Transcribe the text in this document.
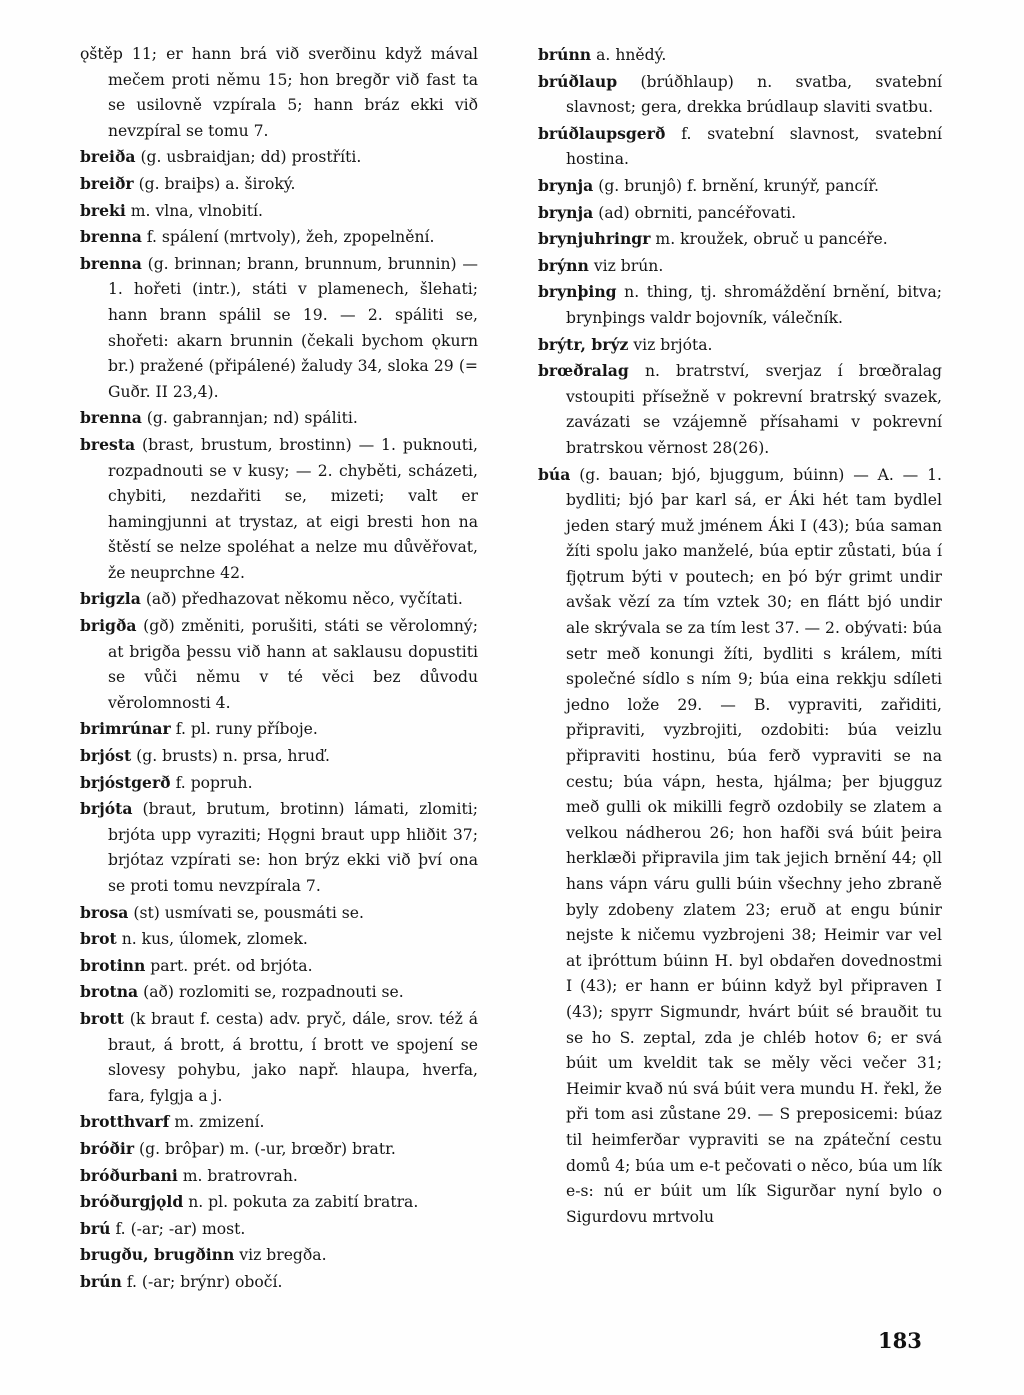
ǫštěp 11; er hann brá við sverðinu když mával mečem proti němu 15; hon bregðr við fast ta se usilovně vzpírala 5; hann bráz ekki við nevzpíral se tomu 7.

breiða (g. usbraidjan; dd) prostříti.

breiðr (g. braiþs) a. široký.

breki m. vlna, vlnobití.

brenna f. spálení (mrtvoly), žeh, zpopelnění.

brenna (g. brinnan; brann, brunnum, brunnin) — 1. hořeti (intr.), státi v plamenech, šlehati; hann brann spálil se 19. — 2. spáliti se, shořeti: akarn brunnin (čekali bychom ǫkurn br.) pražené (připálené) žaludy 34, sloka 29 (= Guðr. II 23,4).

brenna (g. gabrannjan; nd) spáliti.

bresta (brast, brustum, brostinn) — 1. puknouti, rozpadnouti se v kusy; — 2. chyběti, scházeti, chybiti, nezdařiti se, mizeti; valt er hamingjunni at trystaz, at eigi bresti hon na štěstí se nelze spoléhat a nelze mu důvěřovat, že neuprchne 42.

brigzla (að) předhazovat někomu něco, vyčítati.

brigða (gð) změniti, porušiti, státi se věrolomný; at brigða þessu við hann at saklausu dopustiti se vůči němu v té věci bez důvodu věrolomnosti 4.

brimrúnar f. pl. runy příboje.

brjóst (g. brusts) n. prsa, hruď.

brjóstgerð f. popruh.

brjóta (braut, brutum, brotinn) lámati, zlomiti; brjóta upp vyraziti; Hǫgni braut upp hliðit 37; brjótaz vzpírati se: hon brýz ekki við því ona se proti tomu nevzpírala 7.

brosa (st) usmívati se, pousmáti se.

brot n. kus, úlomek, zlomek.

brotinn part. prét. od brjóta.

brotna (að) rozlomiti se, rozpadnouti se.

brott (k braut f. cesta) adv. pryč, dále, srov. též á braut, á brott, á brottu, í brott ve spojení se slovesy pohybu, jako např. hlaupa, hverfa, fara, fylgja a j.

brotthvarf m. zmizení.

bróðir (g. brôþar) m. (-ur, brœðr) bratr.

bróðurbani m. bratrovrah.

bróðurgjǫld n. pl. pokuta za zabití bratra.

brú f. (-ar; -ar) most.

brugðu, brugðinn viz bregða.

brún f. (-ar; brýnr) obočí.

brúnn a. hnědý.

brúðlaup (brúðhlaup) n. svatba, svatební slavnost; gera, drekka brúdlaup slaviti svatbu.

brúðlaupsgerð f. svatební slavnost, svatební hostina.

brynja (g. brunjô) f. brnění, krunýř, pancíř.

brynja (ad) obrniti, pancéřovati.

brynjuhringr m. kroužek, obruč u pancéře.

brýnn viz brún.

brynþing n. thing, tj. shromáždění brnění, bitva; brynþings valdr bojovník, válečník.

brýtr, brýz viz brjóta.

brœðralag n. bratrství, sverjaz í brœðralag vstoupiti přísežně v pokrevní bratrský svazek, zavázati se vzájemně přísahami v pokrevní bratrskou věrnost 28(26).

búa (g. bauan; bjó, bjuggum, búinn) — A. — 1. bydliti; bjó þar karl sá, er Áki hét tam bydlel jeden starý muž jménem Áki I (43); búa saman žíti spolu jako manželé, búa eptir zůstati, búa í fjǫtrum býti v poutech; en þó býr grimt undir avšak vězí za tím vztek 30; en flátt bjó undir ale skrývala se za tím lest 37. — 2. obývati: búa setr með konungi žíti, bydliti s králem, míti společné sídlo s ním 9; búa eina rekkju sdíleti jedno lože 29. — B. vypraviti, zařiditi, připraviti, vyzbrojiti, ozdobiti: búa veizlu připraviti hostinu, búa ferð vypraviti se na cestu; búa vápn, hesta, hjálma; þer bjugguz með gulli ok mikilli fegrð ozdobily se zlatem a velkou nádherou 26; hon hafði svá búit þeira herklæði připravila jim tak jejich brnění 44; ǫll hans vápn váru gulli búin všechny jeho zbraně byly zdobeny zlatem 23; eruð at engu búnir nejste k ničemu vyzbrojeni 38; Heimir var vel at iþróttum búinn H. byl obdařen dovednostmi I (43); er hann er búinn když byl připraven I (43); spyrr Sigmundr, hvárt búit sé brauðit tu se ho S. zeptal, zda je chléb hotov 6; er svá búit um kveldit tak se měly věci večer 31; Heimir kvað nú svá búit vera mundu H. řekl, že při tom asi zůstane 29. — S preposicemi: búaz til heimferðar vypraviti se na zpáteční cestu domů 4; búa um e-t pečovati o něco, búa um lík e-s: nú er búit um lík Sigurðar nyní bylo o Sigurdovu mrtvolu

183
